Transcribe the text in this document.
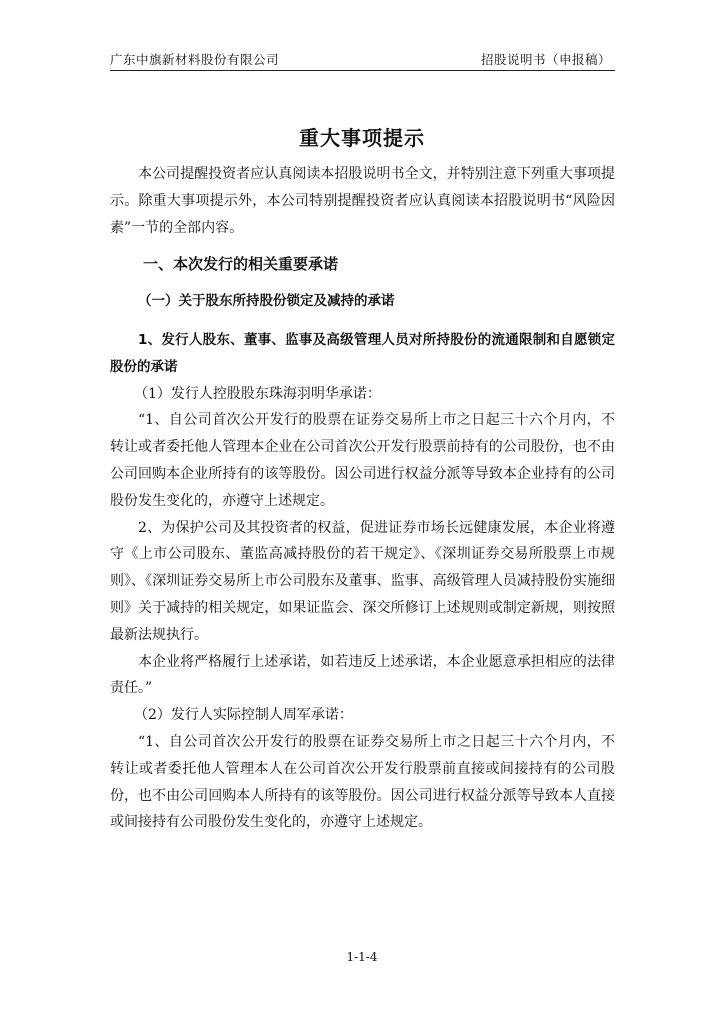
广东中旗新材料股份有限公司	招股说明书（申报稿）
重大事项提示

本公司提醒投资者应认真阅读本招股说明书全文，并特别注意下列重大事项提示。除重大事项提示外，本公司特别提醒投资者应认真阅读本招股说明书“风险因素”一节的全部内容。

一、本次发行的相关重要承诺

（一）关于股东所持股份锁定及减持的承诺

1、发行人股东、董事、监事及高级管理人员对所持股份的流通限制和自愿锁定股份的承诺

（1）发行人控股股东珠海羽明华承诺：

“1、自公司首次公开发行的股票在证券交易所上市之日起三十六个月内，不转让或者委托他人管理本企业在公司首次公开发行股票前持有的公司股份，也不由公司回购本企业所持有的该等股份。因公司进行权益分派等导致本企业持有的公司股份发生变化的，亦遵守上述规定。

2、为保护公司及其投资者的权益，促进证券市场长远健康发展，本企业将遵守《上市公司股东、董监高减持股份的若干规定》、《深圳证券交易所股票上市规则》、《深圳证券交易所上市公司股东及董事、监事、高级管理人员减持股份实施细则》关于减持的相关规定，如果证监会、深交所修订上述规则或制定新规，则按照最新法规执行。

本企业将严格履行上述承诺，如若违反上述承诺，本企业愿意承担相应的法律责任。”

（2）发行人实际控制人周军承诺：

“1、自公司首次公开发行的股票在证券交易所上市之日起三十六个月内，不转让或者委托他人管理本人在公司首次公开发行股票前直接或间接持有的公司股份，也不由公司回购本人所持有的该等股份。因公司进行权益分派等导致本人直接或间接持有公司股份发生变化的，亦遵守上述规定。

1-1-4
